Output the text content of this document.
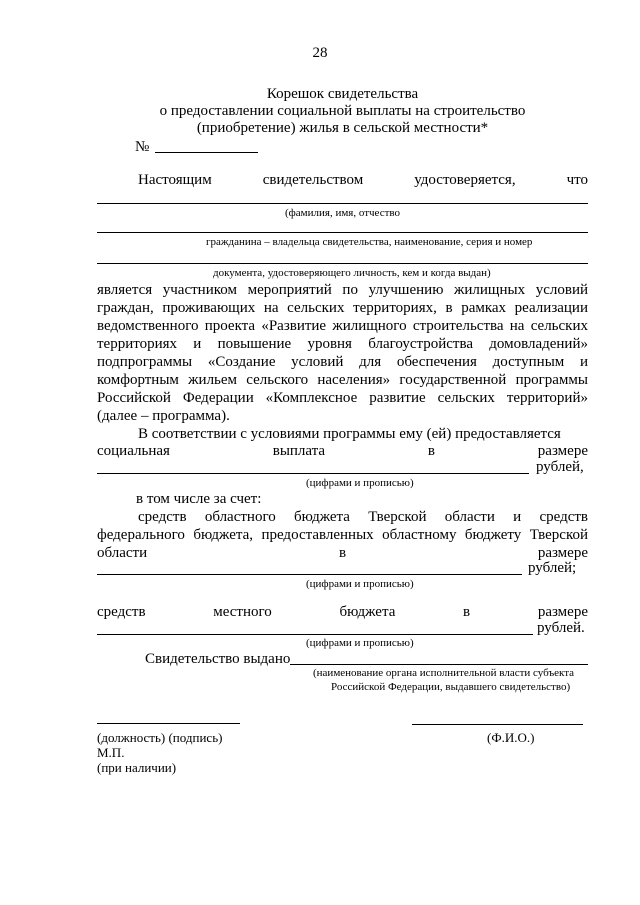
28
Корешок свидетельства
о предоставлении социальной выплаты на строительство
(приобретение) жилья в сельской местности*
№
Настоящим	свидетельством	удостоверяется,	что
(фамилия, имя, отчество
гражданина – владельца свидетельства, наименование, серия и номер
документа, удостоверяющего личность, кем и когда выдан)
является участником мероприятий по улучшению жилищных условий
граждан, проживающих на сельских территориях, в рамках реализации
ведомственного проекта «Развитие жилищного строительства на сельских
территориях и повышение уровня благоустройства домовладений»
подпрограммы «Создание условий для обеспечения доступным и
комфортным жильем сельского населения» государственной программы
Российской Федерации «Комплексное развитие сельских территорий»
(далее – программа).
В соответствии с условиями программы ему (ей) предоставляется
социальная	выплата	в	размере
рублей,
(цифрами и прописью)
в том числе за счет:
средств областного бюджета Тверской области и средств
федерального бюджета, предоставленных областному бюджету Тверской
области	в	размере
рублей;
(цифрами и прописью)
средств	местного	бюджета	в	размере
рублей.
(цифрами и прописью)
Свидетельство выдано
(наименование органа исполнительной власти субъекта
Российской Федерации, выдавшего свидетельство)
(должность) (подпись)	(Ф.И.О.)
М.П.
(при наличии)
